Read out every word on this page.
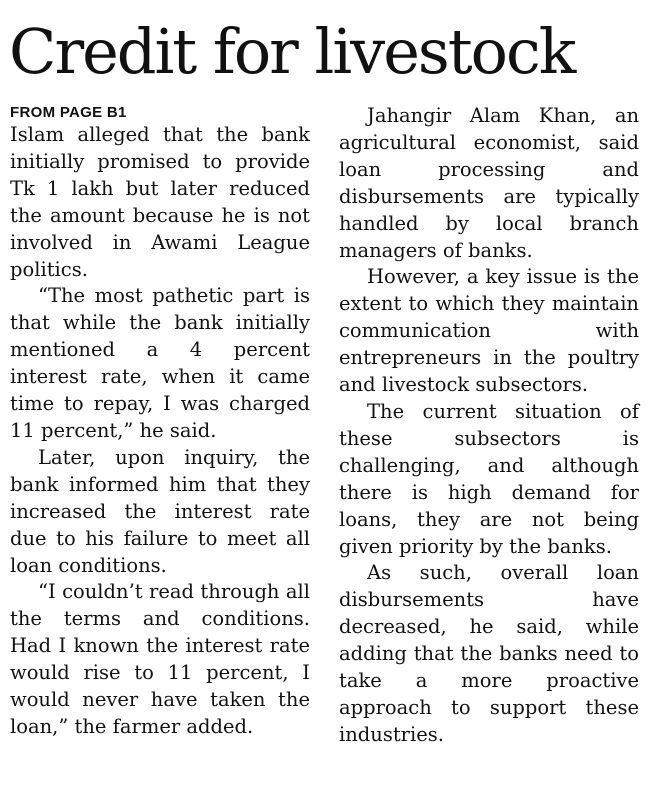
Credit for livestock
FROM PAGE B1

Islam alleged that the bank initially promised to provide Tk 1 lakh but later reduced the amount because he is not involved in Awami League politics.

“The most pathetic part is that while the bank initially mentioned a 4 percent interest rate, when it came time to repay, I was charged 11 percent,” he said.

Later, upon inquiry, the bank informed him that they increased the interest rate due to his failure to meet all loan conditions.

“I couldn’t read through all the terms and conditions. Had I known the interest rate would rise to 11 percent, I would never have taken the loan,” the farmer added.

Jahangir Alam Khan, an agricultural economist, said loan processing and disbursements are typically handled by local branch managers of banks.

However, a key issue is the extent to which they maintain communication with entrepreneurs in the poultry and livestock subsectors.

The current situation of these subsectors is challenging, and although there is high demand for loans, they are not being given priority by the banks.

As such, overall loan disbursements have decreased, he said, while adding that the banks need to take a more proactive approach to support these industries.
